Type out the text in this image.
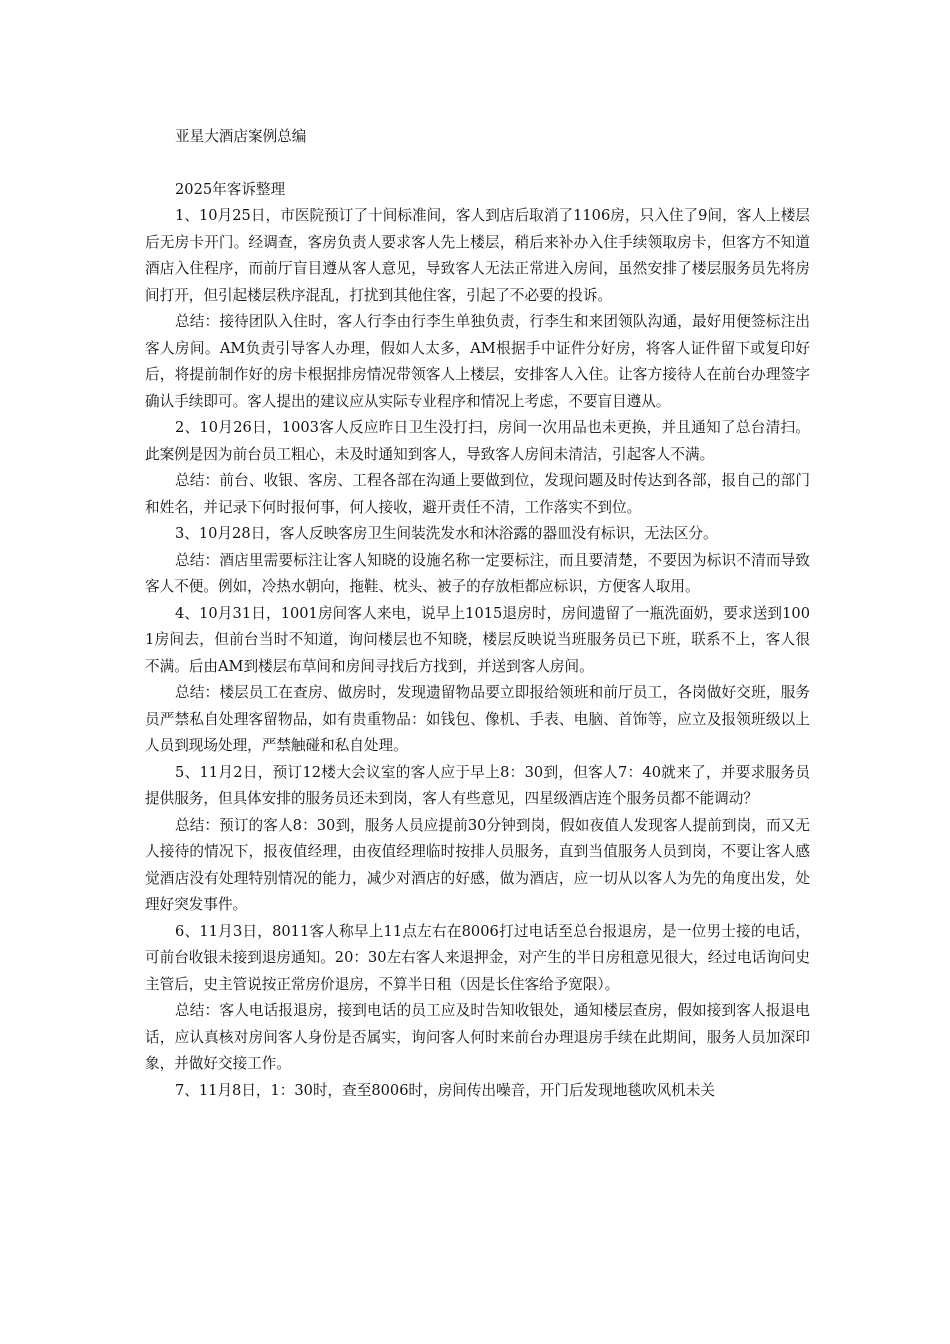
亚星大酒店案例总编
2025年客诉整理

1、10月25日，市医院预订了十间标准间，客人到店后取消了1106房，只入住了9间，客人上楼层后无房卡开门。经调查，客房负责人要求客人先上楼层，稍后来补办入住手续领取房卡，但客方不知道酒店入住程序，而前厅盲目遵从客人意见，导致客人无法正常进入房间，虽然安排了楼层服务员先将房间打开，但引起楼层秩序混乱，打扰到其他住客，引起了不必要的投诉。

总结：接待团队入住时，客人行李由行李生单独负责，行李生和来团领队沟通，最好用便签标注出客人房间。AM负责引导客人办理，假如人太多，AM根据手中证件分好房，将客人证件留下或复印好后，将提前制作好的房卡根据排房情况带领客人上楼层，安排客人入住。让客方接待人在前台办理签字确认手续即可。客人提出的建议应从实际专业程序和情况上考虑，不要盲目遵从。

2、10月26日，1003客人反应昨日卫生没打扫，房间一次用品也未更换，并且通知了总台清扫。此案例是因为前台员工粗心，未及时通知到客人，导致客人房间未清洁，引起客人不满。

总结：前台、收银、客房、工程各部在沟通上要做到位，发现问题及时传达到各部，报自己的部门和姓名，并记录下何时报何事，何人接收，避开责任不清，工作落实不到位。

3、10月28日，客人反映客房卫生间装洗发水和沐浴露的器皿没有标识，无法区分。

总结：酒店里需要标注让客人知晓的设施名称一定要标注，而且要清楚，不要因为标识不清而导致客人不便。例如，冷热水朝向，拖鞋、枕头、被子的存放柜都应标识，方便客人取用。

4、10月31日，1001房间客人来电，说早上1015退房时，房间遗留了一瓶洗面奶，要求送到1001房间去，但前台当时不知道，询问楼层也不知晓，楼层反映说当班服务员已下班，联系不上，客人很不满。后由AM到楼层布草间和房间寻找后方找到，并送到客人房间。

总结：楼层员工在查房、做房时，发现遗留物品要立即报给领班和前厅员工，各岗做好交班，服务员严禁私自处理客留物品，如有贵重物品：如钱包、像机、手表、电脑、首饰等，应立及报领班级以上人员到现场处理，严禁触碰和私自处理。

5、11月2日，预订12楼大会议室的客人应于早上8：30到，但客人7：40就来了，并要求服务员提供服务，但具体安排的服务员还未到岗，客人有些意见，四星级酒店连个服务员都不能调动？

总结：预订的客人8：30到，服务人员应提前30分钟到岗，假如夜值人发现客人提前到岗，而又无人接待的情况下，报夜值经理，由夜值经理临时按排人员服务，直到当值服务人员到岗，不要让客人感觉酒店没有处理特别情况的能力，减少对酒店的好感，做为酒店，应一切从以客人为先的角度出发，处理好突发事件。

6、11月3日，8011客人称早上11点左右在8006打过电话至总台报退房，是一位男士接的电话，可前台收银未接到退房通知。20：30左右客人来退押金，对产生的半日房租意见很大，经过电话询问史主管后，史主管说按正常房价退房，不算半日租（因是长住客给予宽限）。

总结：客人电话报退房，接到电话的员工应及时告知收银处，通知楼层查房，假如接到客人报退电话，应认真核对房间客人身份是否属实，询问客人何时来前台办理退房手续在此期间，服务人员加深印象，并做好交接工作。

7、11月8日，1：30时，查至8006时，房间传出噪音，开门后发现地毯吹风机未关
